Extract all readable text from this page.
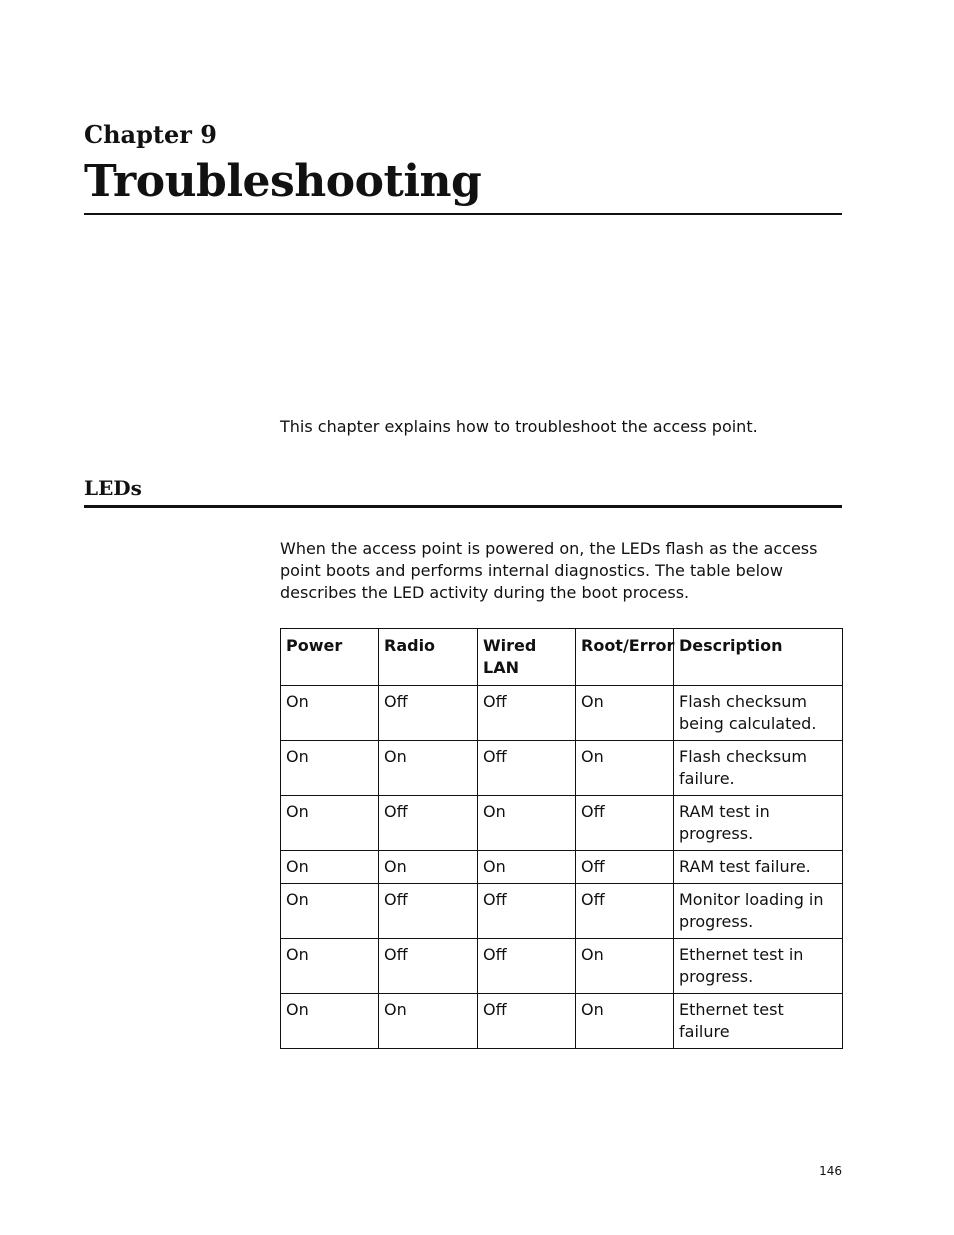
Chapter 9
Troubleshooting

This chapter explains how to troubleshoot the access point.

LEDs

When the access point is powered on, the LEDs flash as the access point boots and performs internal diagnostics. The table below describes the LED activity during the boot process.

Power	Radio	Wired LAN	Root/Error	Description
On	Off	Off	On	Flash checksum being calculated.
On	On	Off	On	Flash checksum failure.
On	Off	On	Off	RAM test in progress.
On	On	On	Off	RAM test failure.
On	Off	Off	Off	Monitor loading in progress.
On	Off	Off	On	Ethernet test in progress.
On	On	Off	On	Ethernet test failure
146
